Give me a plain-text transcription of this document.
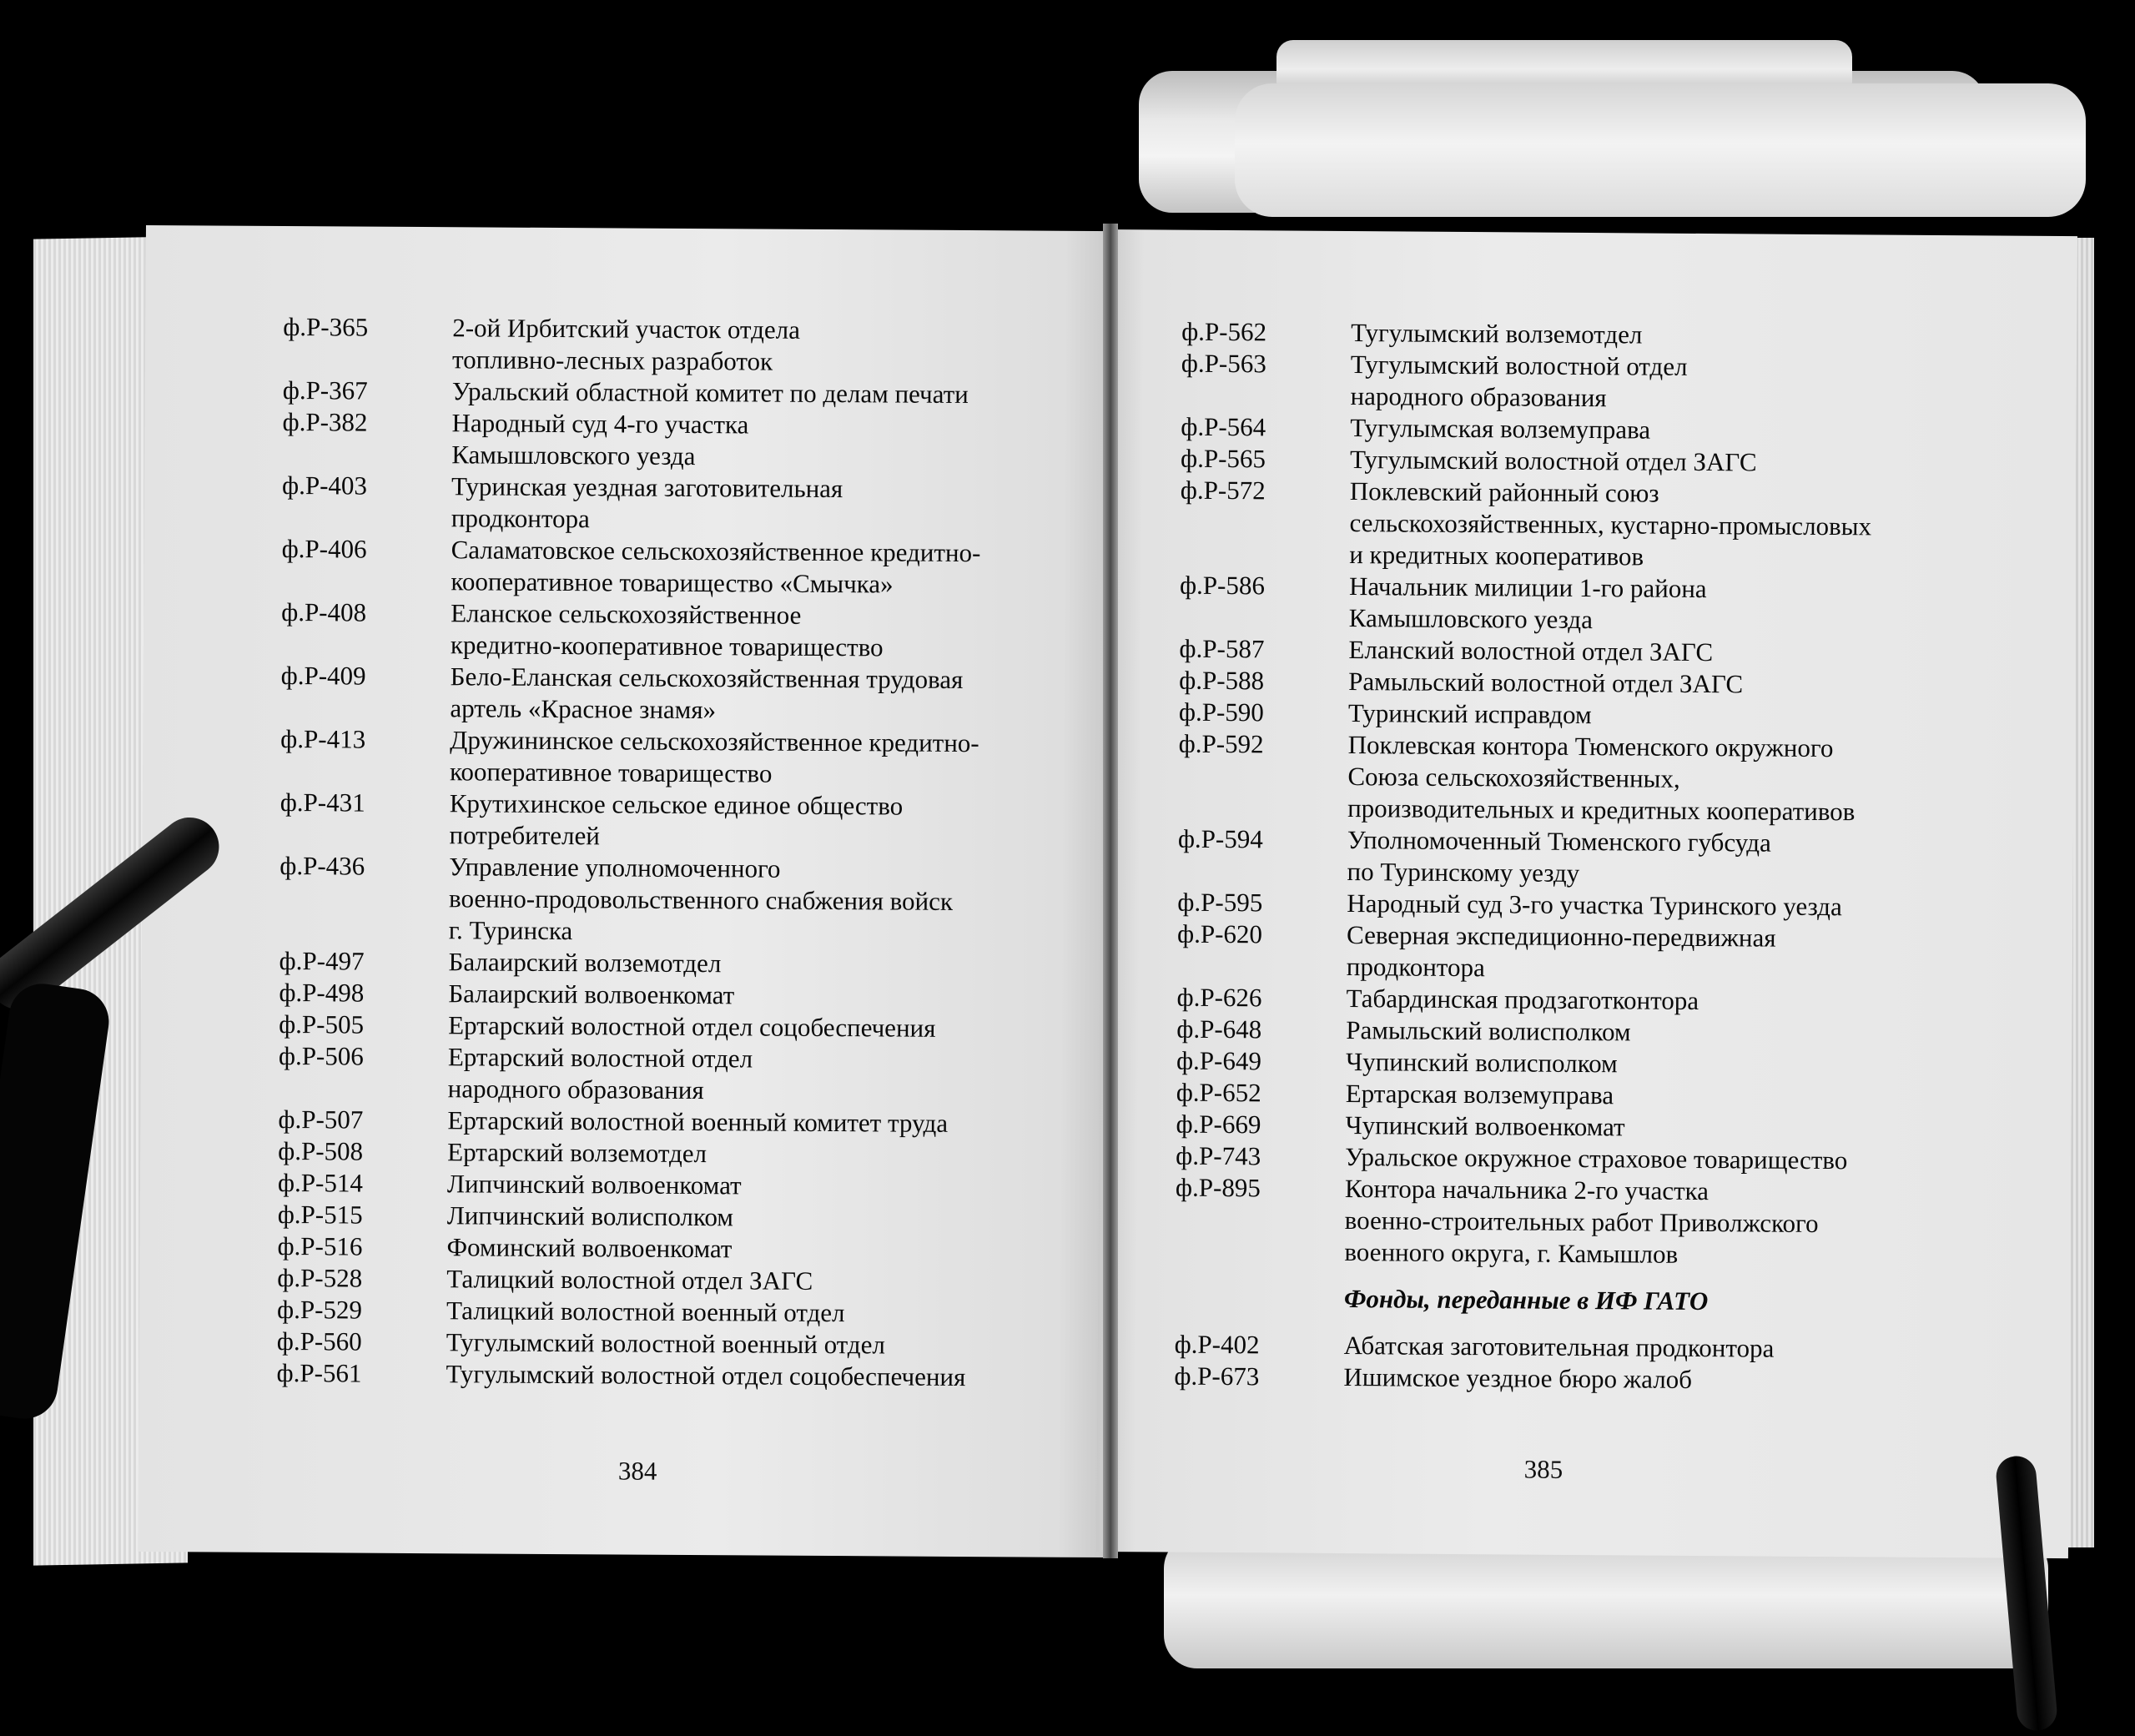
ф.Р-365	2-ой Ирбитский участок отдела
топливно-лесных разработок
ф.Р-367	Уральский областной комитет по делам печати
ф.Р-382	Народный суд 4-го участка
Камышловского уезда
ф.Р-403	Туринская уездная заготовительная
продконтора
ф.Р-406	Саламатовское сельскохозяйственное кредитно-
кооперативное товарищество «Смычка»
ф.Р-408	Еланское сельскохозяйственное
кредитно-кооперативное товарищество
ф.Р-409	Бело-Еланская сельскохозяйственная трудовая
артель «Красное знамя»
ф.Р-413	Дружининское сельскохозяйственное кредитно-
кооперативное товарищество
ф.Р-431	Крутихинское сельское единое общество
потребителей
ф.Р-436	Управление уполномоченного
военно-продовольственного снабжения войск
г. Туринска
ф.Р-497	Балаирский волземотдел
ф.Р-498	Балаирский волвоенкомат
ф.Р-505	Ертарский волостной отдел соцобеспечения
ф.Р-506	Ертарский волостной отдел
народного образования
ф.Р-507	Ертарский волостной военный комитет труда
ф.Р-508	Ертарский волземотдел
ф.Р-514	Липчинский волвоенкомат
ф.Р-515	Липчинский волисполком
ф.Р-516	Фоминский волвоенкомат
ф.Р-528	Талицкий волостной отдел ЗАГС
ф.Р-529	Талицкий волостной военный отдел
ф.Р-560	Тугулымский волостной военный отдел
ф.Р-561	Тугулымский волостной отдел соцобеспечения
384
ф.Р-562	Тугулымский волземотдел
ф.Р-563	Тугулымский волостной отдел
народного образования
ф.Р-564	Тугулымская волземуправа
ф.Р-565	Тугулымский волостной отдел ЗАГС
ф.Р-572	Поклевский районный союз
сельскохозяйственных, кустарно-промысловых
и кредитных кооперативов
ф.Р-586	Начальник милиции 1-го района
Камышловского уезда
ф.Р-587	Еланский волостной отдел ЗАГС
ф.Р-588	Рамыльский волостной отдел ЗАГС
ф.Р-590	Туринский исправдом
ф.Р-592	Поклевская контора Тюменского окружного
Союза сельскохозяйственных,
производительных и кредитных кооперативов
ф.Р-594	Уполномоченный Тюменского губсуда
по Туринскому уезду
ф.Р-595	Народный суд 3-го участка Туринского уезда
ф.Р-620	Северная экспедиционно-передвижная
продконтора
ф.Р-626	Табардинская продзаготконтора
ф.Р-648	Рамыльский волисполком
ф.Р-649	Чупинский волисполком
ф.Р-652	Ертарская волземуправа
ф.Р-669	Чупинский волвоенкомат
ф.Р-743	Уральское окружное страховое товарищество
ф.Р-895	Контора начальника 2-го участка
военно-строительных работ Приволжского
военного округа, г. Камышлов
Фонды, переданные в ИФ ГАТО
ф.Р-402	Абатская заготовительная продконтора
ф.Р-673	Ишимское уездное бюро жалоб
385
